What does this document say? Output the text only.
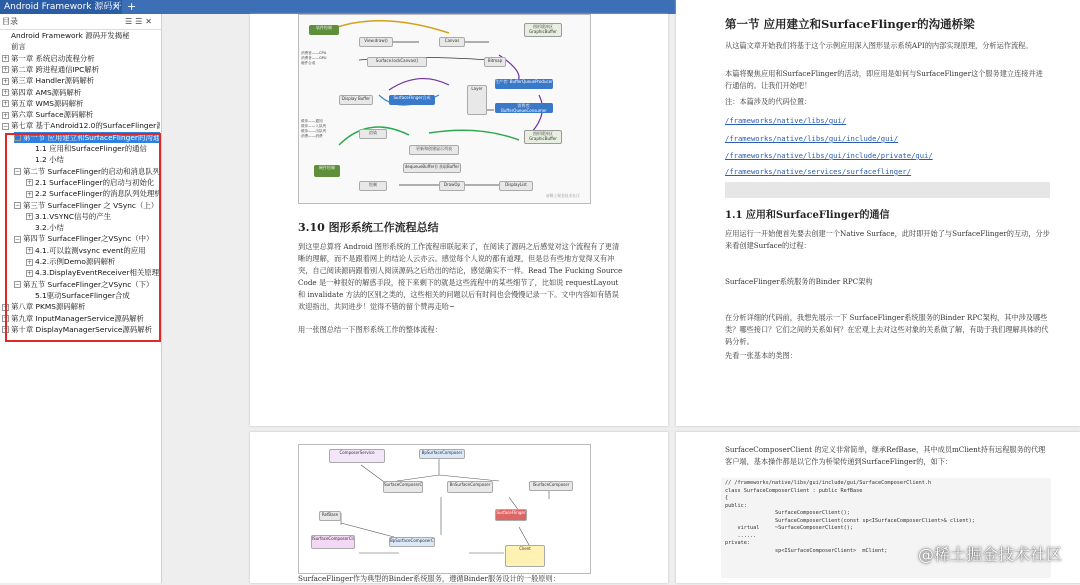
Android Framework 源码开
× +
目录	☰☰✕
Android Framework 源码开发揭秘
前言
+ 第一章 系统启动流程分析
+ 第二章 跨进程通信IPC解析
+ 第三章 Handler源码解析
+ 第四章 AMS源码解析
+ 第五章 WMS源码解析
+ 第六章 Surface源码解析
− 第七章 基于Android12.0的SurfaceFlinger源
− 第一节 应用建立和SurfaceFlinger的沟通
1.1 应用和SurfaceFlinger的通信
1.2 小结
− 第二节 SurfaceFlinger的启动和消息队列
+ 2.1 SurfaceFlinger的启动与初始化
+ 2.2 SurfaceFlinger的消息队列处理机
− 第三节 SurfaceFlinger 之 VSync（上）
+ 3.1.VSYNC信号的产生
3.2.小结
− 第四节 SurfaceFlinger之VSync（中）
+ 4.1.可以监测vsync event的应用
+ 4.2.示例Demo源码解析
+ 4.3.DisplayEventReceiver相关原理分
− 第五节 SurfaceFlinger之VSync（下）
5.1驱动SurfaceFlinger合成
+ 第八章 PKMS源码解析
+ 第九章 InputManagerService源码解析
+ 第十章 DisplayManagerService源码解析
软件绘制
View.draw()	Canvas
图形缓冲区 GraphicBuffer
Surface.lockCanvas()	Bitmap
Display Buffer	SurfaceFlinger合成
Layer
生产者: BufferQueueProducer
消费者: BufferQueueConsumer
硬件绘制
渲染
更新和创建显示列表
dequeueBuffer() 获取Buffer
图形缓冲区 GraphicBuffer
绘制	DrawOp	DisplayList
消费者——CPU
消费者——GPU
硬件合成
缓冲——通知
缓冲——入队列
缓冲——出队列
消费——消费
@稀土掘金技术社区
3.10 图形系统工作流程总结
到这里总算将 Android 图形系统的工作流程串联起来了，在阅读了源码之后感觉对这个流程有了更清晰的理解，而不是跟着网上的结论人云亦云。感觉每个人说的都有道理，但是总有些地方觉得又有冲突，自己阅读源码跟着别人阅读源码之后给出的结论，感觉确实不一样。Read The Fucking Source Code 是一种很好的解惑手段，接下来剩下的就是这些流程中的某些细节了，比如说 requestLayout 和 invalidate 方法的区别之类的，这些相关的问题以后有时间也会慢慢记录一下。文中内容如有错误欢迎指出，共同进步！觉得不错的留个赞再走哈~
用一张图总结一下图形系统工作的整体流程：
第一节 应用建立和SurfaceFlinger的沟通桥梁
从这篇文章开始我们将基于这个示例应用深入图形显示系统API的内部实现原理，分析运作流程。
本篇将聚焦应用和SurfaceFlinger的活动，即应用是如何与SurfaceFlinger这个服务建立连接并进行通信的。让我们开始吧！
注：本篇涉及的代码位置：
/frameworks/native/libs/gui/
/frameworks/native/libs/gui/include/gui/
/frameworks/native/libs/gui/include/private/gui/
/frameworks/native/services/surfaceflinger/
1.1 应用和SurfaceFlinger的通信
应用运行一开始便首先要去创建一个Native Surface，此时即开始了与SurfaceFlinger的互动，分步来看创建Surface的过程：
SurfaceFlinger系统服务的Binder RPC架构
在分析详细的代码前，我想先展示一下 SurfaceFlinger系统服务的Binder RPC架构，其中涉及哪些类？哪些接口？它们之间的关系如何？在宏观上去对这些对象的关系做了解，有助于我们理解具体的代码分析。
先看一张基本的类图：
ComposerService	BpSurfaceComposer
SurfaceComposerC	BnSurfaceComposer	ISurfaceComposer
SurfaceFlinger
RefBase
ISurfaceComposerCli	BpSurfaceComposerCl
Client
SurfaceFlinger作为典型的Binder系统服务，遵循Binder服务设计的一般原则：
SurfaceComposerClient 的定义非常简单，继承RefBase，其中成员mClient持有远程服务的代理客户端，基本操作都是以它作为桥梁传递到SurfaceFlinger的，如下：
// /frameworks/native/libs/gui/include/gui/SurfaceComposerClient.h
class SurfaceComposerClient : public RefBase
{
public:
SurfaceComposerClient();
SurfaceComposerClient(const sp<ISurfaceComposerClient>& client);
virtual     ~SurfaceComposerClient();
......
private:
sp<ISurfaceComposerClient>  mClient;	@稀土掘金技术社区
